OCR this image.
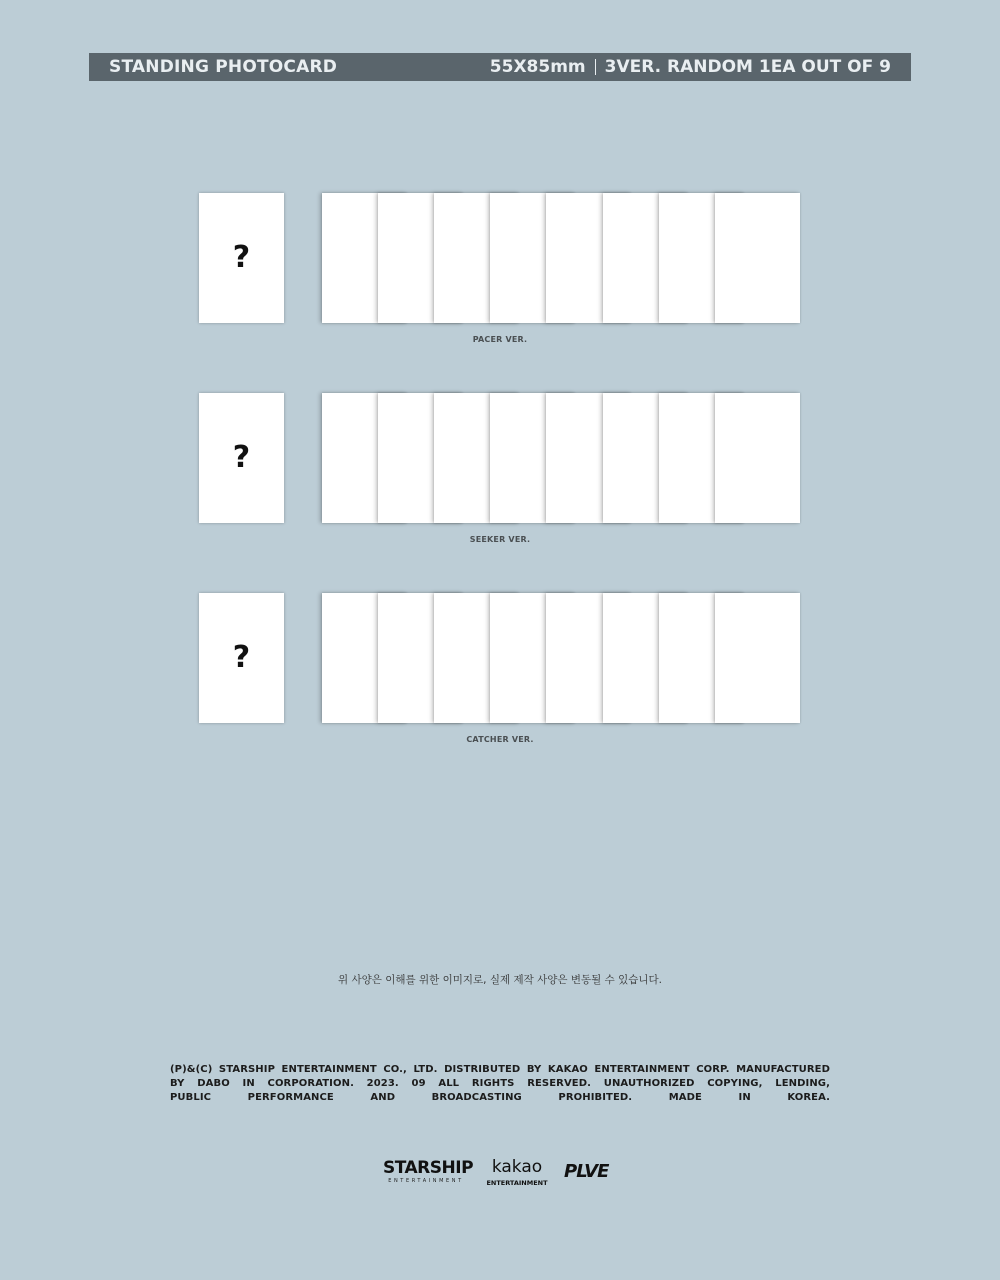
STANDING PHOTOCARD	55X85mm 3VER. RANDOM 1EA OUT OF 9
?
PACER VER.
?
SEEKER VER.
?
CATCHER VER.
위 사양은 이해를 위한 이미지로, 실제 제작 사양은 변동될 수 있습니다.
(P)&(C) STARSHIP ENTERTAINMENT CO., LTD. DISTRIBUTED BY KAKAO ENTERTAINMENT CORP. MANUFACTURED
BY DABO IN CORPORATION. 2023. 09 ALL RIGHTS RESERVED. UNAUTHORIZED COPYING, LENDING,
PUBLIC PERFORMANCE AND BROADCASTING PROHIBITED. MADE IN KOREA.
STARSHIP
ENTERTAINMENT
kakao
ENTERTAINMENT
PLVE
